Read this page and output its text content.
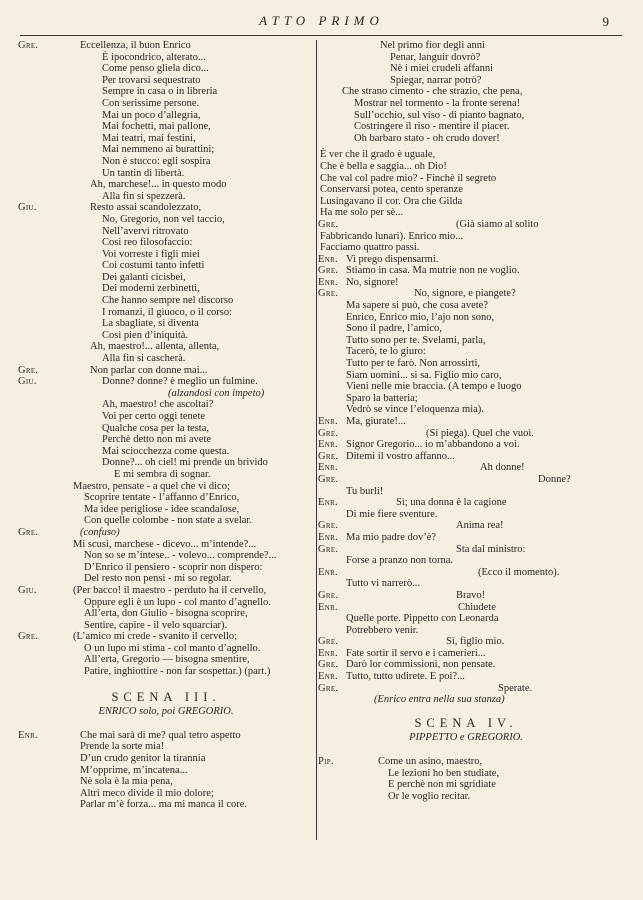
ATTO PRIMO	9
Gre.	Eccellenza, il buon Enrico
È ipocondrico, alterato...
Come penso gliela dico...
Per trovarsi sequestrato
Sempre in casa o in libreria
Con serissime persone.
Mai un poco d’allegria,
Mai fochetti, mai pallone,
Mai teatri, mai festini,
Mai nemmeno ai burattini;
Non è stucco: egli sospira
Un tantin di libertà.
Ah, marchese!... in questo modo
Alla fin si spezzerà.
Giu.	Resto assai scandolezzato,
No, Gregorio, non vel taccio,
Nell’avervi ritrovato
Così reo filosofaccio:
Voi vorreste i figli miei
Coi costumi tanto infetti
Dei galanti cicisbei,
Dei moderni zerbinetti,
Che hanno sempre nel discorso
I romanzi, il giuoco, o il corso:
La sbagliate, si diventa
Così pien d’iniquità.
Ah, maestro!... allenta, allenta,
Alla fin si cascherà.
Gre.	Non parlar con donne mai...
Giu.	Donne? donne? è meglio un fulmine.
(alzandosi con impeto)
Ah, maestro! che ascoltai?
Voi per certo oggi tenete
Qualche cosa per la testa,
Perchè detto non mi avete
Mai sciocchezza come questa.
Donne?... oh ciel! mi prende un brivido
E mi sembra di sognar.
Maestro, pensate - a quel che vi dico;
Scoprire tentate - l’affanno d’Enrico,
Ma idee perigliose - idee scandalose,
Con quelle colombe - non state a svelar.
Gre.	(confuso)
Mi scusi, marchese - dicevo... m’intende?...
Non so se m’intese.. - volevo... comprende?...
D’Enrico il pensiero - scoprir non dispero:
Del resto non pensi - mi so regolar.
Giu.	(Per bacco! il maestro - perduto ha il cervello,
Oppure egli è un lupo - col manto d’agnello.
All’erta, don Giulio - bisogna scoprire,
Sentire, capire - il velo squarciar).
Gre.	(L’amico mi crede - svanito il cervello;
O un lupo mi stima - col manto d’agnello.
All’erta, Gregorio — bisogna smentire,
Patire, inghiottire - non far sospettar.) (part.)
SCENA III.
ENRICO solo, poi GREGORIO.
Enr.	Che mai sarà di me? qual tetro aspetto
Prende la sorte mia!
D’un crudo genitor la tirannia
M’opprime, m’incatena...
Nè sola è la mia pena,
Altri meco divide il mio dolore;
Parlar m’è forza... ma mi manca il core.
Nel primo fior degli anni
Penar, languir dovrò?
Nè i miei crudeli affanni
Spiegar, narrar potrò?
Che strano cimento - che strazio, che pena,
Mostrar nel tormento - la fronte serena!
Sull’occhio, sul viso - di pianto bagnato,
Costringere il riso - mentire il piacer.
Oh barbaro stato - oh crudo dover!
È ver che il grado è uguale,
Che è bella e saggia... oh Dio!
Che val col padre mio? - Finchè il segreto
Conservarsi potea, cento speranze
Lusingavano il cor. Ora che Gilda
Ha me solo per sè...
Gre.	(Già siamo al solito
Fabbricando lunari). Enrico mio...
Facciamo quattro passi.
Enr. Vi prego dispensarmi.
Gre. Stiamo in casa. Ma mutrie non ne voglio.
Enr. No, signore!
Gre.	No, signore, e piangete?
Ma sapere si può, che cosa avete?
Enrico, Enrico mio, l’ajo non sono,
Sono il padre, l’amico,
Tutto sono per te. Svelami, parla,
Tacerò, te lo giuro:
Tutto per te farò. Non arrossirti,
Siam uomini... si sa. Figlio mio caro,
Vieni nelle mie braccia. (A tempo e luogo
Sparo la batteria;
Vedrò se vince l’eloquenza mia).
Enr. Ma, giurate!...
Gre.	(Si piega). Quel che vuoi.
Enr. Signor Gregorio... io m’abbandono a voi.
Gre. Ditemi il vostro affanno...
Enr.	Ah donne!
Gre.	Donne?
Tu burli!
Enr.	Sì; una donna è la cagione
Di mie fiere sventure.
Gre.	Anima rea!
Enr. Ma mio padre dov’è?
Gre.	Sta dal ministro:
Forse a pranzo non torna.
Enr.	(Ecco il momento).
Tutto vi narrerò...
Gre.	Bravo!
Enr.	Chiudete
Quelle porte. Pippetto con Leonarda
Potrebbero venir.
Gre.	Sì, figlio mio.
Enr. Fate sortir il servo e i camerieri...
Gre. Darò lor commissioni, non pensate.
Enr. Tutto, tutto udirete. E poi?...
Gre.	Sperate.
(Enrico entra nella sua stanza)
SCENA IV.
PIPPETTO e GREGORIO.
Pip.	Come un asino, maestro,
Le lezioni ho ben studiate,
E perchè non mi sgridiate
Or le voglio recitar.
